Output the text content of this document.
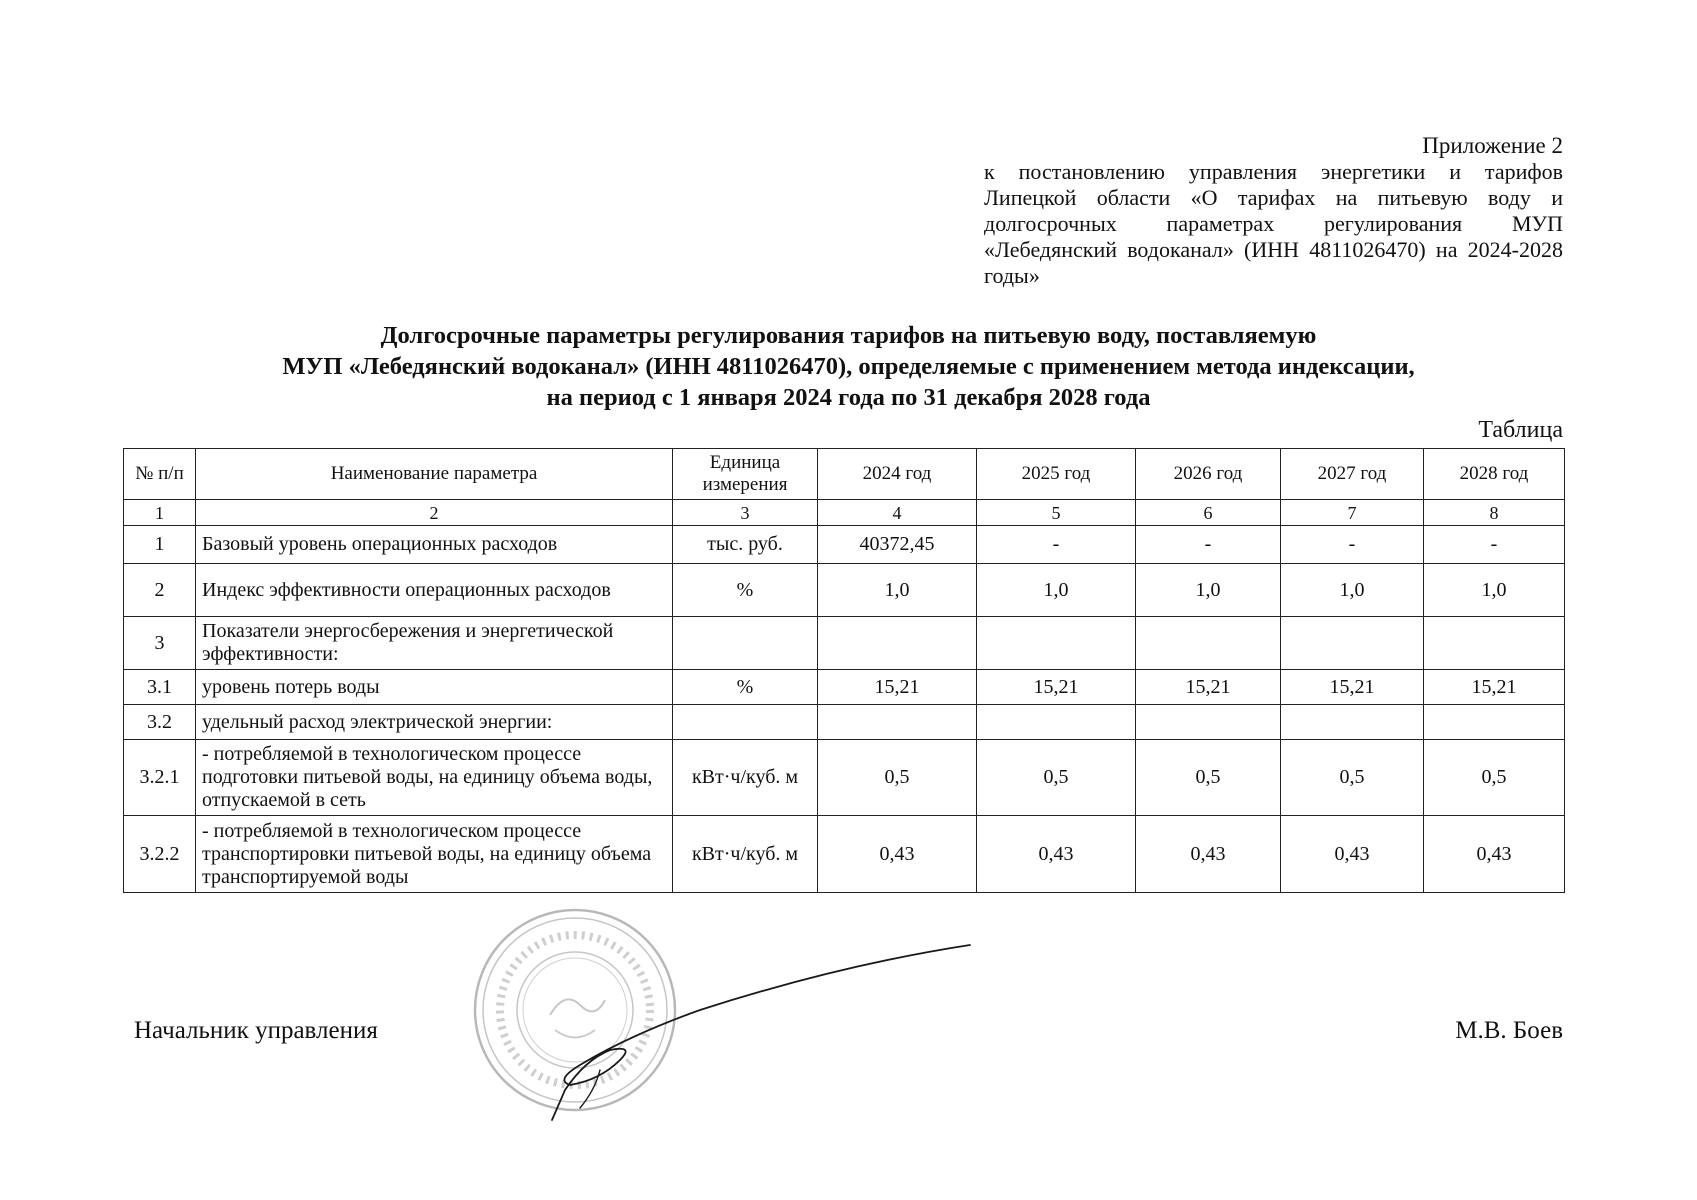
Приложение 2
к постановлению управления энергетики и тарифов Липецкой области «О тарифах на питьевую воду и долгосрочных параметрах регулирования МУП «Лебедянский водоканал» (ИНН 4811026470) на 2024-2028 годы»
Долгосрочные параметры регулирования тарифов на питьевую воду, поставляемую
МУП «Лебедянский водоканал» (ИНН 4811026470), определяемые с применением метода индексации,
на период с 1 января 2024 года по 31 декабря 2028 года
Таблица
№ п/п	Наименование параметра	Единица измерения	2024 год	2025 год	2026 год	2027 год	2028 год
1	2	3	4	5	6	7	8
1	Базовый уровень операционных расходов	тыс. руб.	40372,45	-	-	-	-
2	Индекс эффективности операционных расходов	%	1,0	1,0	1,0	1,0	1,0
3	Показатели энергосбережения и энергетической эффективности:						
3.1	уровень потерь воды	%	15,21	15,21	15,21	15,21	15,21
3.2	удельный расход электрической энергии:						
3.2.1	- потребляемой в технологическом процессе подготовки питьевой воды, на единицу объема воды, отпускаемой в сеть	кВт·ч/куб. м	0,5	0,5	0,5	0,5	0,5
3.2.2	- потребляемой в технологическом процессе транспортировки питьевой воды, на единицу объема транспортируемой воды	кВт·ч/куб. м	0,43	0,43	0,43	0,43	0,43
Начальник управления	М.В. Боев
